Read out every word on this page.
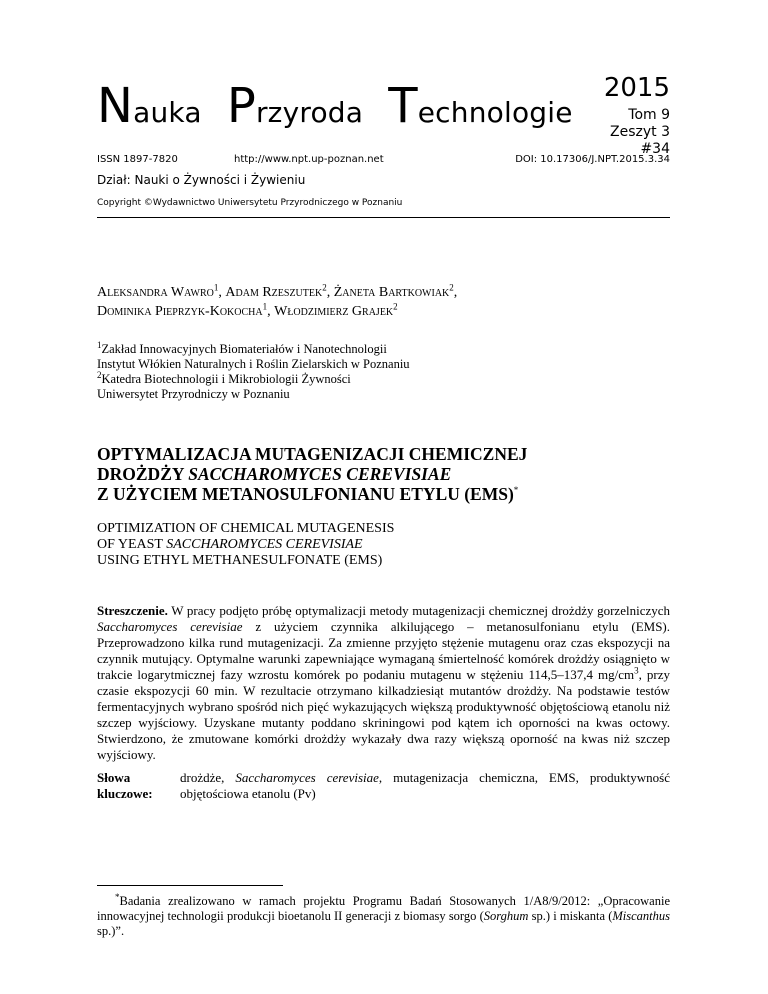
Nauka Przyroda Technologie
2015
Tom 9
Zeszyt 3
#34
ISSN 1897-7820	http://www.npt.up-poznan.net	DOI: 10.17306/J.NPT.2015.3.34
Dział: Nauki o Żywności i Żywieniu
Copyright ©Wydawnictwo Uniwersytetu Przyrodniczego w Poznaniu
Aleksandra Wawro$^1$, Adam Rzeszutek$^2$, Żaneta Bartkowiak$^2$,
Dominika Pieprzyk-Kokocha$^1$, Włodzimierz Grajek$^2$
$^1$Zakład Innowacyjnych Biomateriałów i Nanotechnologii
Instytut Włókien Naturalnych i Roślin Zielarskich w Poznaniu
$^2$Katedra Biotechnologii i Mikrobiologii Żywności
Uniwersytet Przyrodniczy w Poznaniu
OPTYMALIZACJA MUTAGENIZACJI CHEMICZNEJ
DROŻDŻY SACCHAROMYCES CEREVISIAE
Z UŻYCIEM METANOSULFONIANU ETYLU (EMS)*
OPTIMIZATION OF CHEMICAL MUTAGENESIS
OF YEAST SACCHAROMYCES CEREVISIAE
USING ETHYL METHANESULFONATE (EMS)
Streszczenie. W pracy podjęto próbę optymalizacji metody mutagenizacji chemicznej drożdży gorzelniczych Saccharomyces cerevisiae z użyciem czynnika alkilującego – metanosulfonianu etylu (EMS). Przeprowadzono kilka rund mutagenizacji. Za zmienne przyjęto stężenie mutagenu oraz czas ekspozycji na czynnik mutujący. Optymalne warunki zapewniające wymaganą śmiertelność komórek drożdży osiągnięto w trakcie logarytmicznej fazy wzrostu komórek po podaniu mutagenu w stężeniu 114,5–137,4 $mg/cm^3$, przy czasie ekspozycji 60 min. W rezultacie otrzymano kilkadziesiąt mutantów drożdży. Na podstawie testów fermentacyjnych wybrano spośród nich pięć wykazujących większą produktywność objętościową etanolu niż szczep wyjściowy. Uzyskane mutanty poddano skriningowi pod kątem ich oporności na kwas octowy. Stwierdzono, że zmutowane komórki drożdży wykazały dwa razy większą oporność na kwas niż szczep wyjściowy.
Słowa kluczowe:drożdże, Saccharomyces cerevisiae, mutagenizacja chemiczna, EMS, produktywność objętościowa etanolu (Pv)
*Badania zrealizowano w ramach projektu Programu Badań Stosowanych 1/A8/9/2012: „Opracowanie innowacyjnej technologii produkcji bioetanolu II generacji z biomasy sorgo (Sorghum sp.) i miskanta (Miscanthus sp.)”.
